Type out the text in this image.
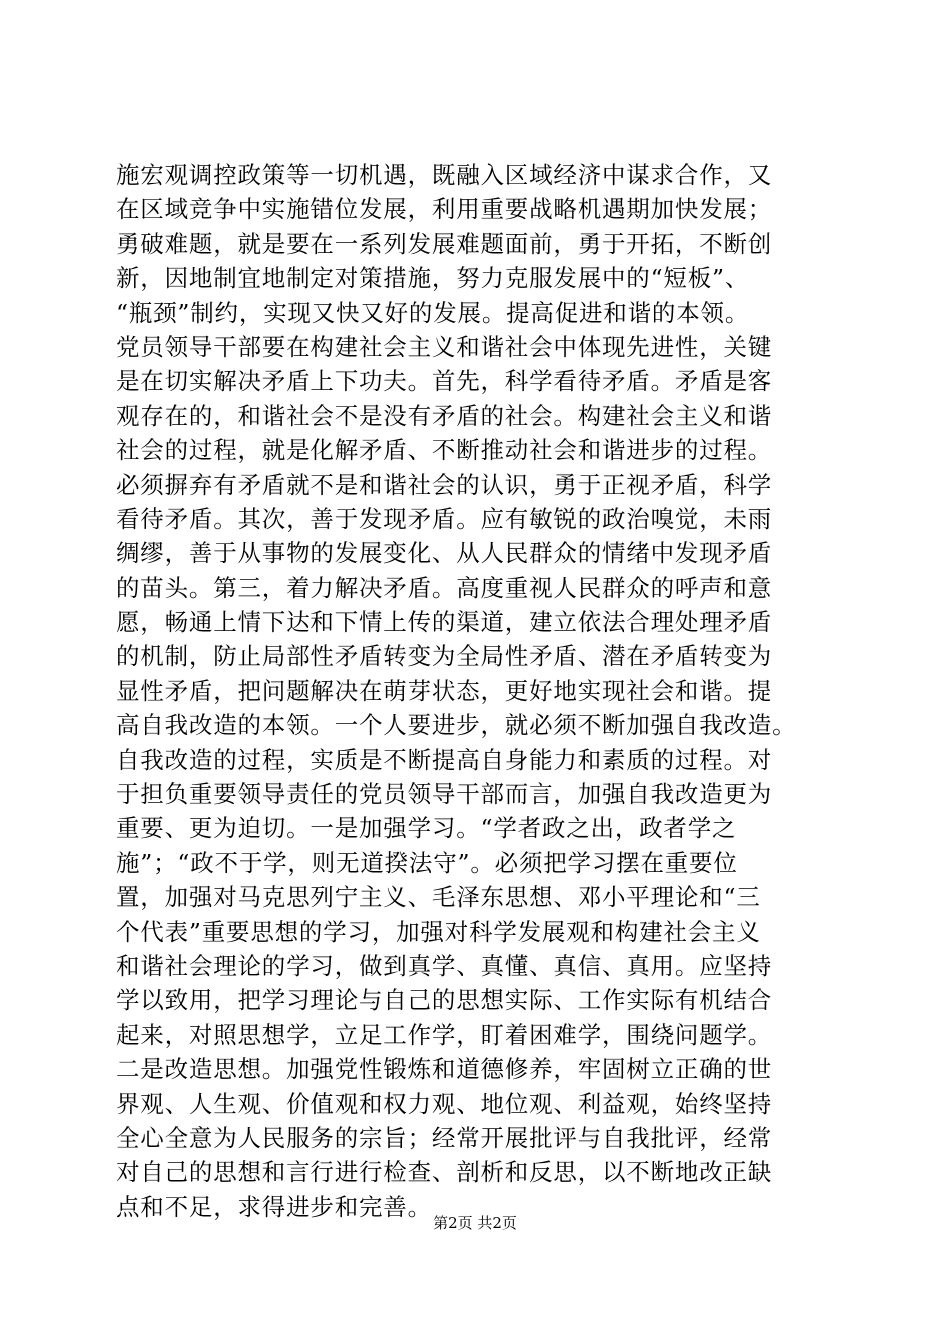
施宏观调控政策等一切机遇，既融入区域经济中谋求合作，又
在区域竞争中实施错位发展，利用重要战略机遇期加快发展；
勇破难题，就是要在一系列发展难题面前，勇于开拓，不断创
新，因地制宜地制定对策措施，努力克服发展中的“短板”、
“瓶颈”制约，实现又快又好的发展。提高促进和谐的本领。
党员领导干部要在构建社会主义和谐社会中体现先进性，关键
是在切实解决矛盾上下功夫。首先，科学看待矛盾。矛盾是客
观存在的，和谐社会不是没有矛盾的社会。构建社会主义和谐
社会的过程，就是化解矛盾、不断推动社会和谐进步的过程。
必须摒弃有矛盾就不是和谐社会的认识，勇于正视矛盾，科学
看待矛盾。其次，善于发现矛盾。应有敏锐的政治嗅觉，未雨
绸缪，善于从事物的发展变化、从人民群众的情绪中发现矛盾
的苗头。第三，着力解决矛盾。高度重视人民群众的呼声和意
愿，畅通上情下达和下情上传的渠道，建立依法合理处理矛盾
的机制，防止局部性矛盾转变为全局性矛盾、潜在矛盾转变为
显性矛盾，把问题解决在萌芽状态，更好地实现社会和谐。提
高自我改造的本领。一个人要进步，就必须不断加强自我改造。
自我改造的过程，实质是不断提高自身能力和素质的过程。对
于担负重要领导责任的党员领导干部而言，加强自我改造更为
重要、更为迫切。一是加强学习。“学者政之出，政者学之
施”；“政不于学，则无道揆法守”。必须把学习摆在重要位
置，加强对马克思列宁主义、毛泽东思想、邓小平理论和“三
个代表”重要思想的学习，加强对科学发展观和构建社会主义
和谐社会理论的学习，做到真学、真懂、真信、真用。应坚持
学以致用，把学习理论与自己的思想实际、工作实际有机结合
起来，对照思想学，立足工作学，盯着困难学，围绕问题学。
二是改造思想。加强党性锻炼和道德修养，牢固树立正确的世
界观、人生观、价值观和权力观、地位观、利益观，始终坚持
全心全意为人民服务的宗旨；经常开展批评与自我批评，经常
对自己的思想和言行进行检查、剖析和反思，以不断地改正缺
点和不足，求得进步和完善。
第2页 共2页
